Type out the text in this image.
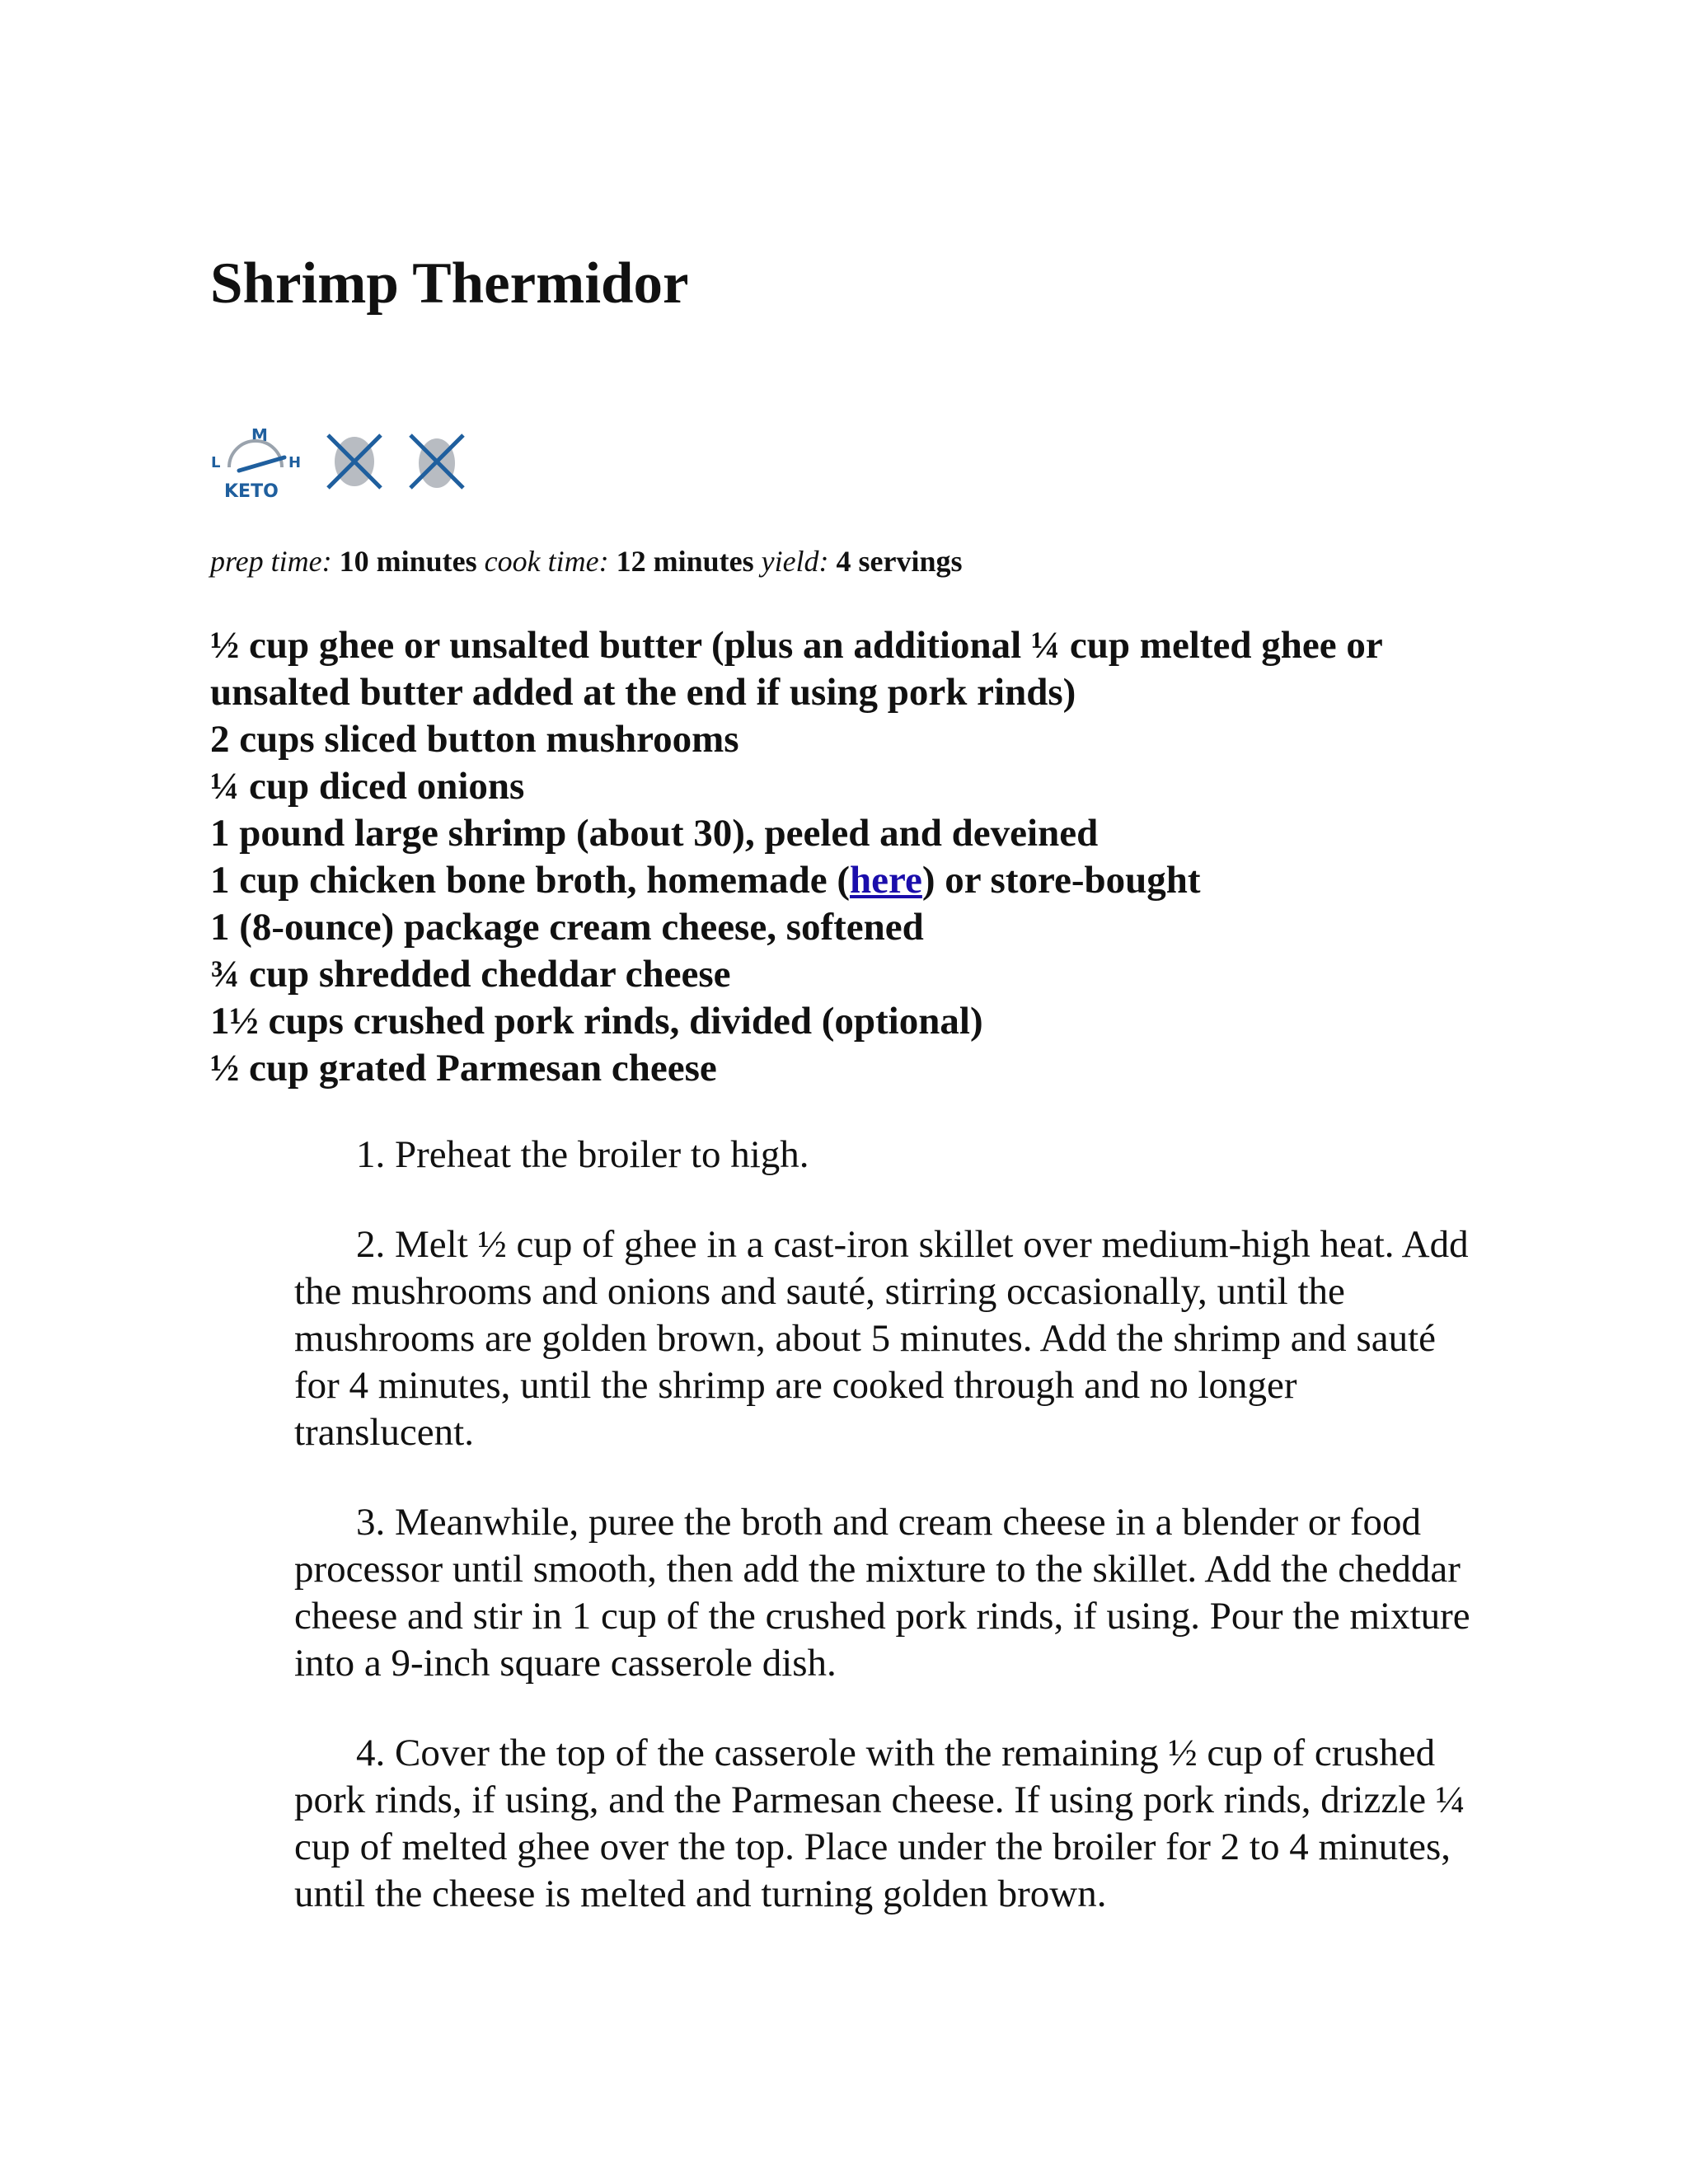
Shrimp Thermidor
M
L	H
KETO
prep time: 10 minutes cook time: 12 minutes yield: 4 servings
½ cup ghee or unsalted butter (plus an additional ¼ cup melted ghee or unsalted butter added at the end if using pork rinds)
2 cups sliced button mushrooms
¼ cup diced onions
1 pound large shrimp (about 30), peeled and deveined
1 cup chicken bone broth, homemade (here) or store-bought
1 (8-ounce) package cream cheese, softened
¾ cup shredded cheddar cheese
1½ cups crushed pork rinds, divided (optional)
½ cup grated Parmesan cheese

1. Preheat the broiler to high.

2. Melt ½ cup of ghee in a cast-iron skillet over medium-high heat. Add the mushrooms and onions and sauté, stirring occasionally, until the mushrooms are golden brown, about 5 minutes. Add the shrimp and sauté for 4 minutes, until the shrimp are cooked through and no longer translucent.

3. Meanwhile, puree the broth and cream cheese in a blender or food processor until smooth, then add the mixture to the skillet. Add the cheddar cheese and stir in 1 cup of the crushed pork rinds, if using. Pour the mixture into a 9-inch square casserole dish.

4. Cover the top of the casserole with the remaining ½ cup of crushed pork rinds, if using, and the Parmesan cheese. If using pork rinds, drizzle ¼ cup of melted ghee over the top. Place under the broiler for 2 to 4 minutes, until the cheese is melted and turning golden brown.
